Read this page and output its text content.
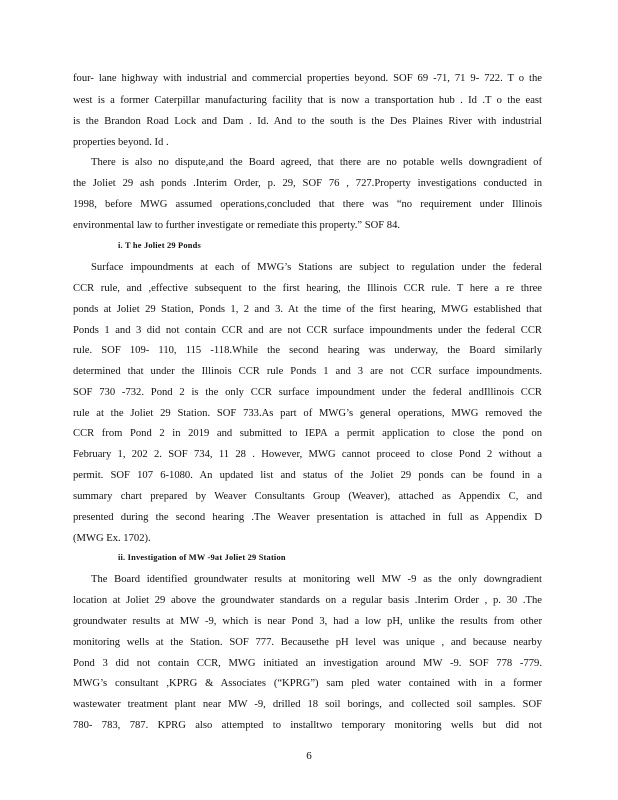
four- lane highway with industrial and commercial properties beyond. SOF 69 -71, 71 9- 722. T o the
west is a former Caterpillar manufacturing facility that is now a transportation hub . Id .T o the east
is the Brandon Road Lock and Dam . Id. And to the south is the Des Plaines River with industrial
properties beyond. Id .
There is also no dispute,and the Board agreed, that there are no potable wells downgradient of
the Joliet 29 ash ponds .Interim Order, p. 29, SOF 76 , 727.Property investigations conducted in
1998, before MWG assumed operations,concluded that there was “no requirement under Illinois
environmental law to further investigate or remediate this property.” SOF 84.
i. T he Joliet 29 Ponds
Surface impoundments at each of MWG’s Stations are subject to regulation under the federal
CCR rule, and ,effective subsequent to the first hearing, the Illinois CCR rule. T here a re three
ponds at Joliet 29 Station, Ponds 1, 2 and 3. At the time of the first hearing, MWG established that
Ponds 1 and 3 did not contain CCR and are not CCR surface impoundments under the federal CCR
rule. SOF 109- 110, 115 -118.While the second hearing was underway, the Board similarly
determined that under the Illinois CCR rule Ponds 1 and 3 are not CCR surface impoundments.
SOF 730 -732. Pond 2 is the only CCR surface impoundment under the federal andIllinois CCR
rule at the Joliet 29 Station. SOF 733.As part of MWG’s general operations, MWG removed the
CCR from Pond 2 in 2019 and submitted to IEPA a permit application to close the pond on
February 1, 202 2. SOF 734, 11 28 . However, MWG cannot proceed to close Pond 2 without a
permit. SOF 107 6-1080. An updated list and status of the Joliet 29 ponds can be found in a
summary chart prepared by Weaver Consultants Group (Weaver), attached as Appendix C, and
presented during the second hearing .The Weaver presentation is attached in full as Appendix D
(MWG Ex. 1702).
ii. Investigation of MW -9at Joliet 29 Station
The Board identified groundwater results at monitoring well MW -9 as the only downgradient
location at Joliet 29 above the groundwater standards on a regular basis .Interim Order , p. 30 .The
groundwater results at MW -9, which is near Pond 3, had a low pH, unlike the results from other
monitoring wells at the Station. SOF 777. Becausethe pH level was unique , and because nearby
Pond 3 did not contain CCR, MWG initiated an investigation around MW -9. SOF 778 -779.
MWG’s consultant ,KPRG & Associates (“KPRG”) sam pled water contained with in a former
wastewater treatment plant near MW -9, drilled 18 soil borings, and collected soil samples. SOF
780- 783, 787. KPRG also attempted to installtwo temporary monitoring wells but did not
6
